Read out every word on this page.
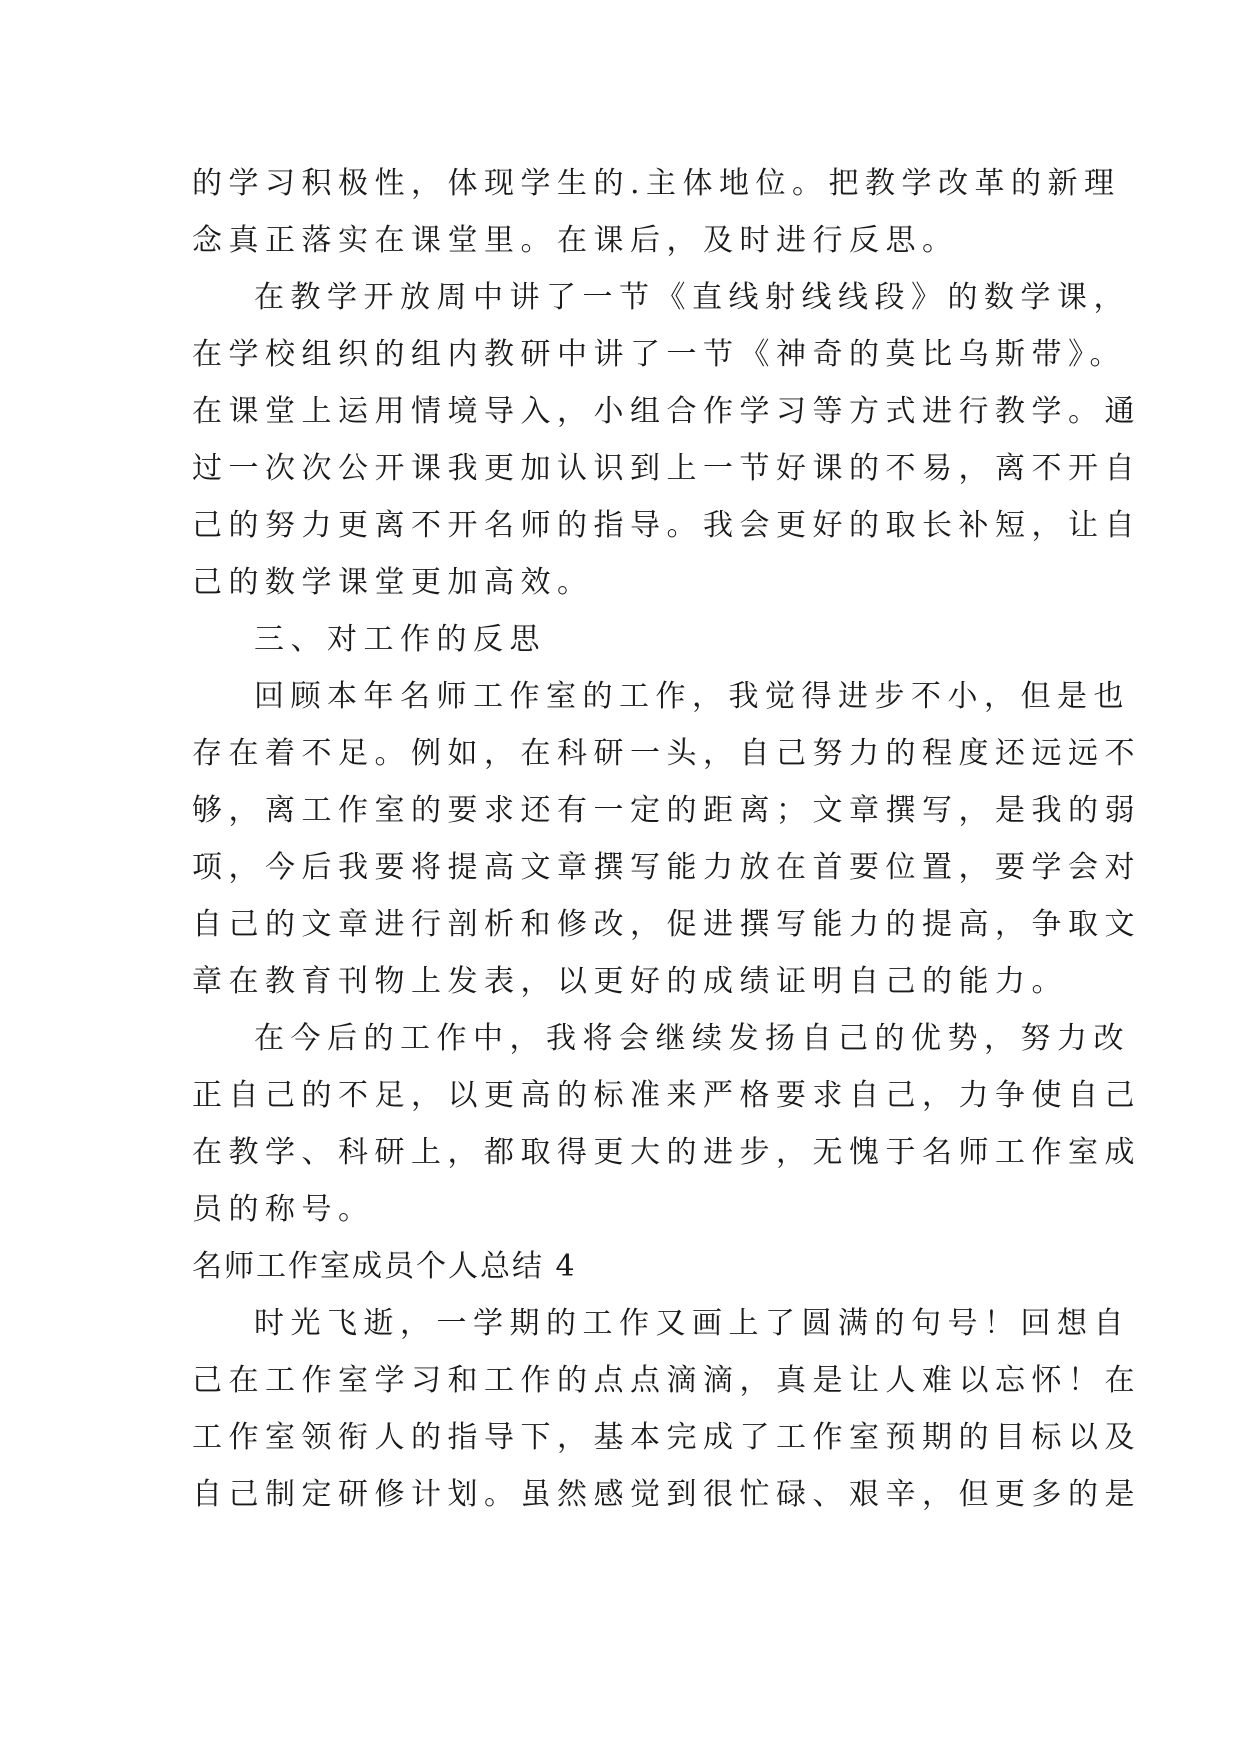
的学习积极性，体现学生的.主体地位。把教学改革的新理
念真正落实在课堂里。在课后，及时进行反思。
在教学开放周中讲了一节《直线射线线段》的数学课，
在学校组织的组内教研中讲了一节《神奇的莫比乌斯带》。
在课堂上运用情境导入，小组合作学习等方式进行教学。通
过一次次公开课我更加认识到上一节好课的不易，离不开自
己的努力更离不开名师的指导。我会更好的取长补短，让自
己的数学课堂更加高效。
三、对工作的反思
回顾本年名师工作室的工作，我觉得进步不小，但是也
存在着不足。例如，在科研一头，自己努力的程度还远远不
够，离工作室的要求还有一定的距离；文章撰写，是我的弱
项，今后我要将提高文章撰写能力放在首要位置，要学会对
自己的文章进行剖析和修改，促进撰写能力的提高，争取文
章在教育刊物上发表，以更好的成绩证明自己的能力。
在今后的工作中，我将会继续发扬自己的优势，努力改
正自己的不足，以更高的标准来严格要求自己，力争使自己
在教学、科研上，都取得更大的进步，无愧于名师工作室成
员的称号。
名师工作室成员个人总结 4
时光飞逝，一学期的工作又画上了圆满的句号！回想自
己在工作室学习和工作的点点滴滴，真是让人难以忘怀！在
工作室领衔人的指导下，基本完成了工作室预期的目标以及
自己制定研修计划。虽然感觉到很忙碌、艰辛，但更多的是
